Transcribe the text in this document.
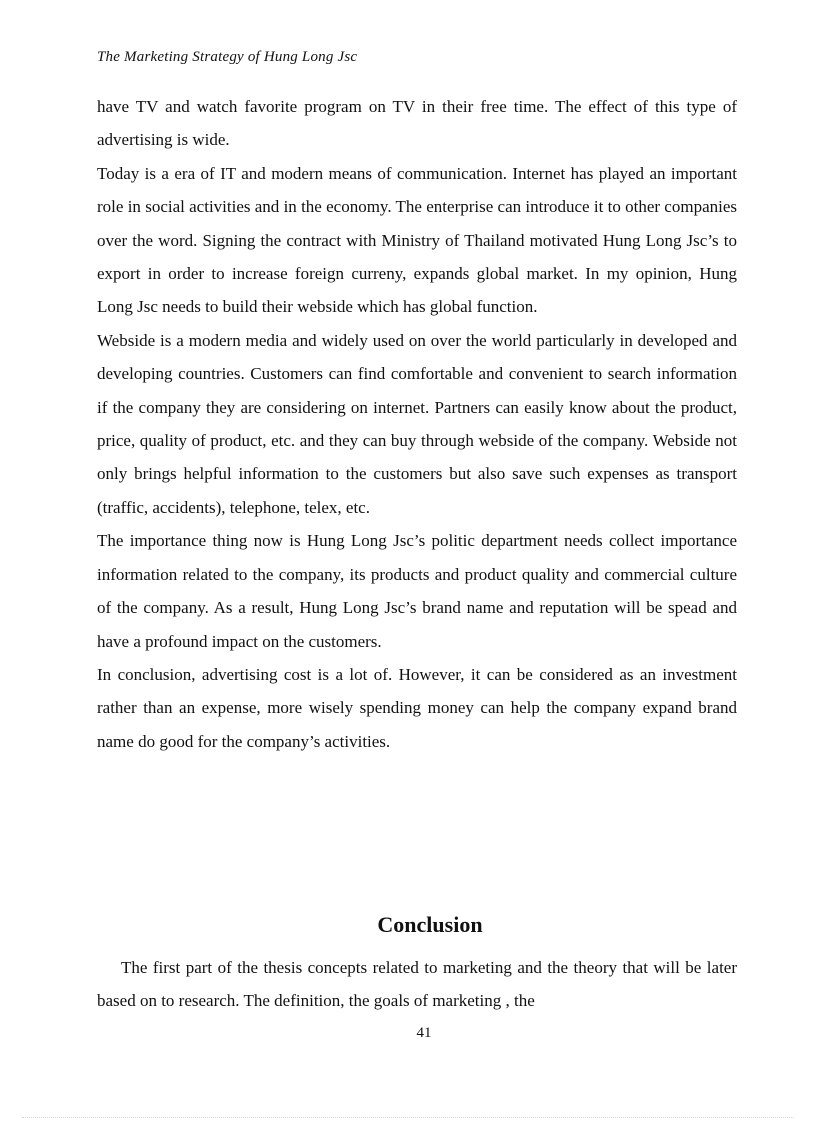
The Marketing Strategy of Hung Long Jsc

have TV and watch favorite program on TV in their free time. The effect of this type of advertising is wide.

Today is a era of IT and modern means of communication. Internet has played an important role in social activities and in the economy. The enterprise can introduce it to other companies over the word. Signing the contract with Ministry of Thailand motivated Hung Long Jsc’s to export in order to increase foreign curreny, expands global market. In my opinion, Hung Long Jsc needs to build their webside which has global function.

Webside is a modern media and widely used on over the world particularly in developed and developing countries. Customers can find comfortable and convenient to search information if the company they are considering on internet. Partners can easily know about the product, price, quality of product, etc. and they can buy through webside of the company. Webside not only brings helpful information to the customers but also save such expenses as transport (traffic, accidents), telephone, telex, etc.

The importance thing now is Hung Long Jsc’s politic department needs collect importance information related to the company, its products and product quality and commercial culture of the company. As a result, Hung Long Jsc’s brand name and reputation will be spead and have a profound impact on the customers.

In conclusion, advertising cost is a lot of. However, it can be considered as an investment rather than an expense, more wisely spending money can help the company expand brand name do good for the company’s activities.

Conclusion

The first part of the thesis concepts related to marketing and the theory that will be later based on to research. The definition, the goals of marketing , the

41
